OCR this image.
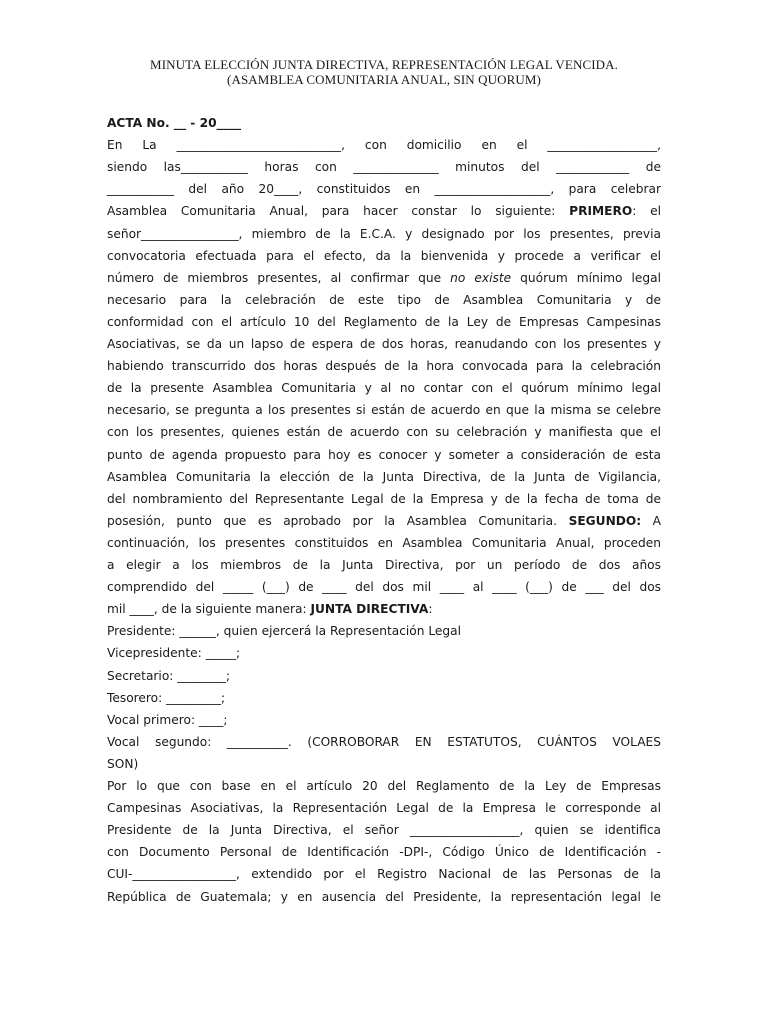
MINUTA ELECCIÓN JUNTA DIRECTIVA, REPRESENTACIÓN LEGAL VENCIDA.
(ASAMBLEA COMUNITARIA ANUAL, SIN QUORUM)
ACTA No. __ - 20____
En La ___________________________, con domicilio en el __________________,
siendo las___________ horas con ______________ minutos del ____________ de
___________ del año 20____, constituidos en ___________________, para celebrar
Asamblea Comunitaria Anual, para hacer constar lo siguiente: PRIMERO: el
señor________________, miembro de la E.C.A. y designado por los presentes, previa
convocatoria efectuada para el efecto, da la bienvenida y procede a verificar el
número de miembros presentes, al confirmar que no existe quórum mínimo legal
necesario para la celebración de este tipo de Asamblea Comunitaria y de
conformidad con el artículo 10 del Reglamento de la Ley de Empresas Campesinas
Asociativas, se da un lapso de espera de dos horas, reanudando con los presentes y
habiendo transcurrido dos horas después de la hora convocada para la celebración
de la presente Asamblea Comunitaria y al no contar con el quórum mínimo legal
necesario, se pregunta a los presentes si están de acuerdo en que la misma se celebre
con los presentes, quienes están de acuerdo con su celebración y manifiesta que el
punto de agenda propuesto para hoy es conocer y someter a consideración de esta
Asamblea Comunitaria la elección de la Junta Directiva, de la Junta de Vigilancia,
del nombramiento del Representante Legal de la Empresa y de la fecha de toma de
posesión, punto que es aprobado por la Asamblea Comunitaria. SEGUNDO: A
continuación, los presentes constituidos en Asamblea Comunitaria Anual, proceden
a elegir a los miembros de la Junta Directiva, por un período de dos años
comprendido del _____ (___) de ____ del dos mil ____ al ____ (___) de ___ del dos
mil ____, de la siguiente manera: JUNTA DIRECTIVA:
Presidente: ______, quien ejercerá la Representación Legal
Vicepresidente: _____;
Secretario: ________;
Tesorero: _________;
Vocal primero: ____;
Vocal segundo: __________. (CORROBORAR EN ESTATUTOS, CUÁNTOS VOLAES
SON)
Por lo que con base en el artículo 20 del Reglamento de la Ley de Empresas
Campesinas Asociativas, la Representación Legal de la Empresa le corresponde al
Presidente de la Junta Directiva, el señor __________________, quien se identifica
con Documento Personal de Identificación -DPI-, Código Único de Identificación -
CUI-_________________, extendido por el Registro Nacional de las Personas de la
República de Guatemala; y en ausencia del Presidente, la representación legal le
